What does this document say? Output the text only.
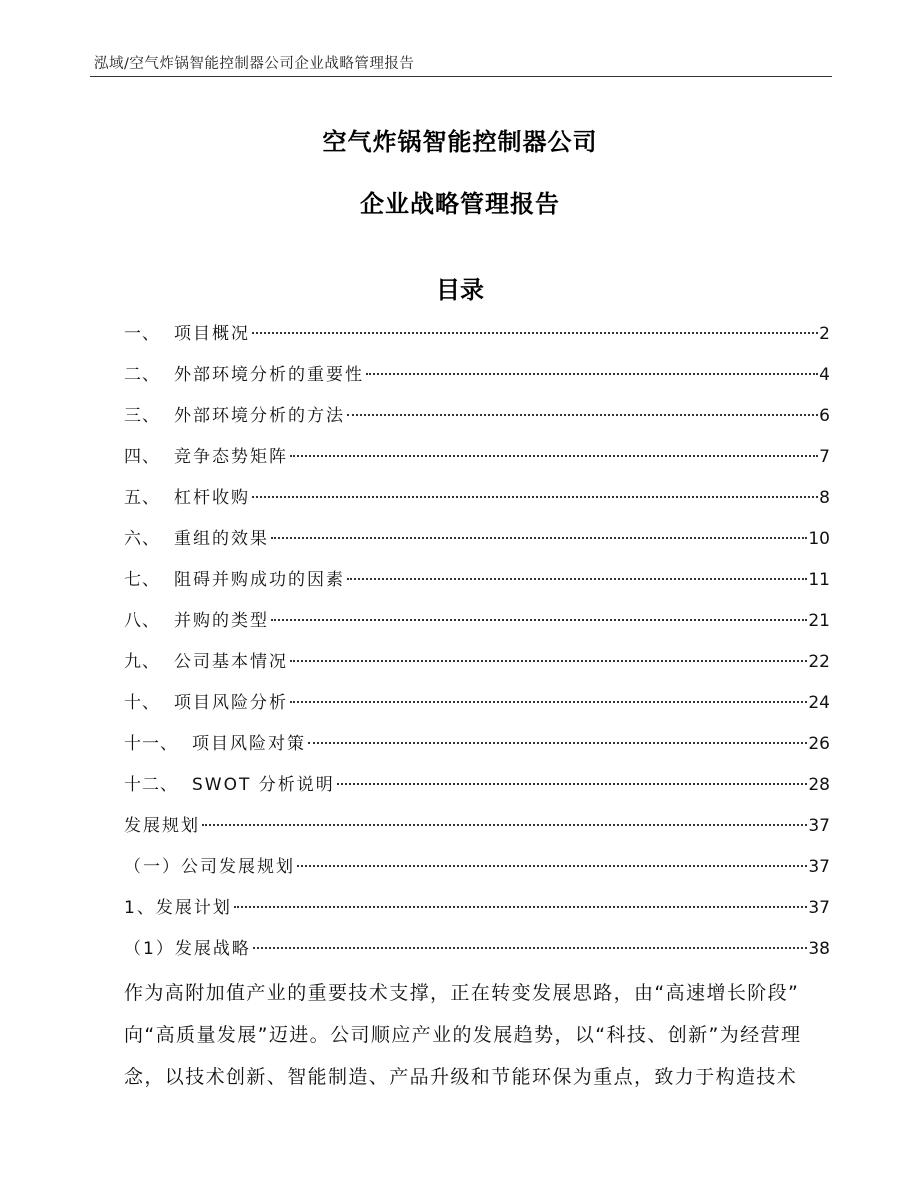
泓域/空气炸锅智能控制器公司企业战略管理报告
空气炸锅智能控制器公司
企业战略管理报告
目录
一、 项目概况	2
二、 外部环境分析的重要性	4
三、 外部环境分析的方法	6
四、 竞争态势矩阵	7
五、 杠杆收购	8
六、 重组的效果	10
七、 阻碍并购成功的因素	11
八、 并购的类型	21
九、 公司基本情况	22
十、 项目风险分析	24
十一、 项目风险对策	26
十二、 SWOT 分析说明	28
发展规划	37
（一）公司发展规划	37
1、发展计划	37
（1）发展战略	38
作为高附加值产业的重要技术支撑，正在转变发展思路，由“高速增长阶段”
向“高质量发展”迈进。公司顺应产业的发展趋势，以“科技、创新”为经营理
念，以技术创新、智能制造、产品升级和节能环保为重点，致力于构造技术
